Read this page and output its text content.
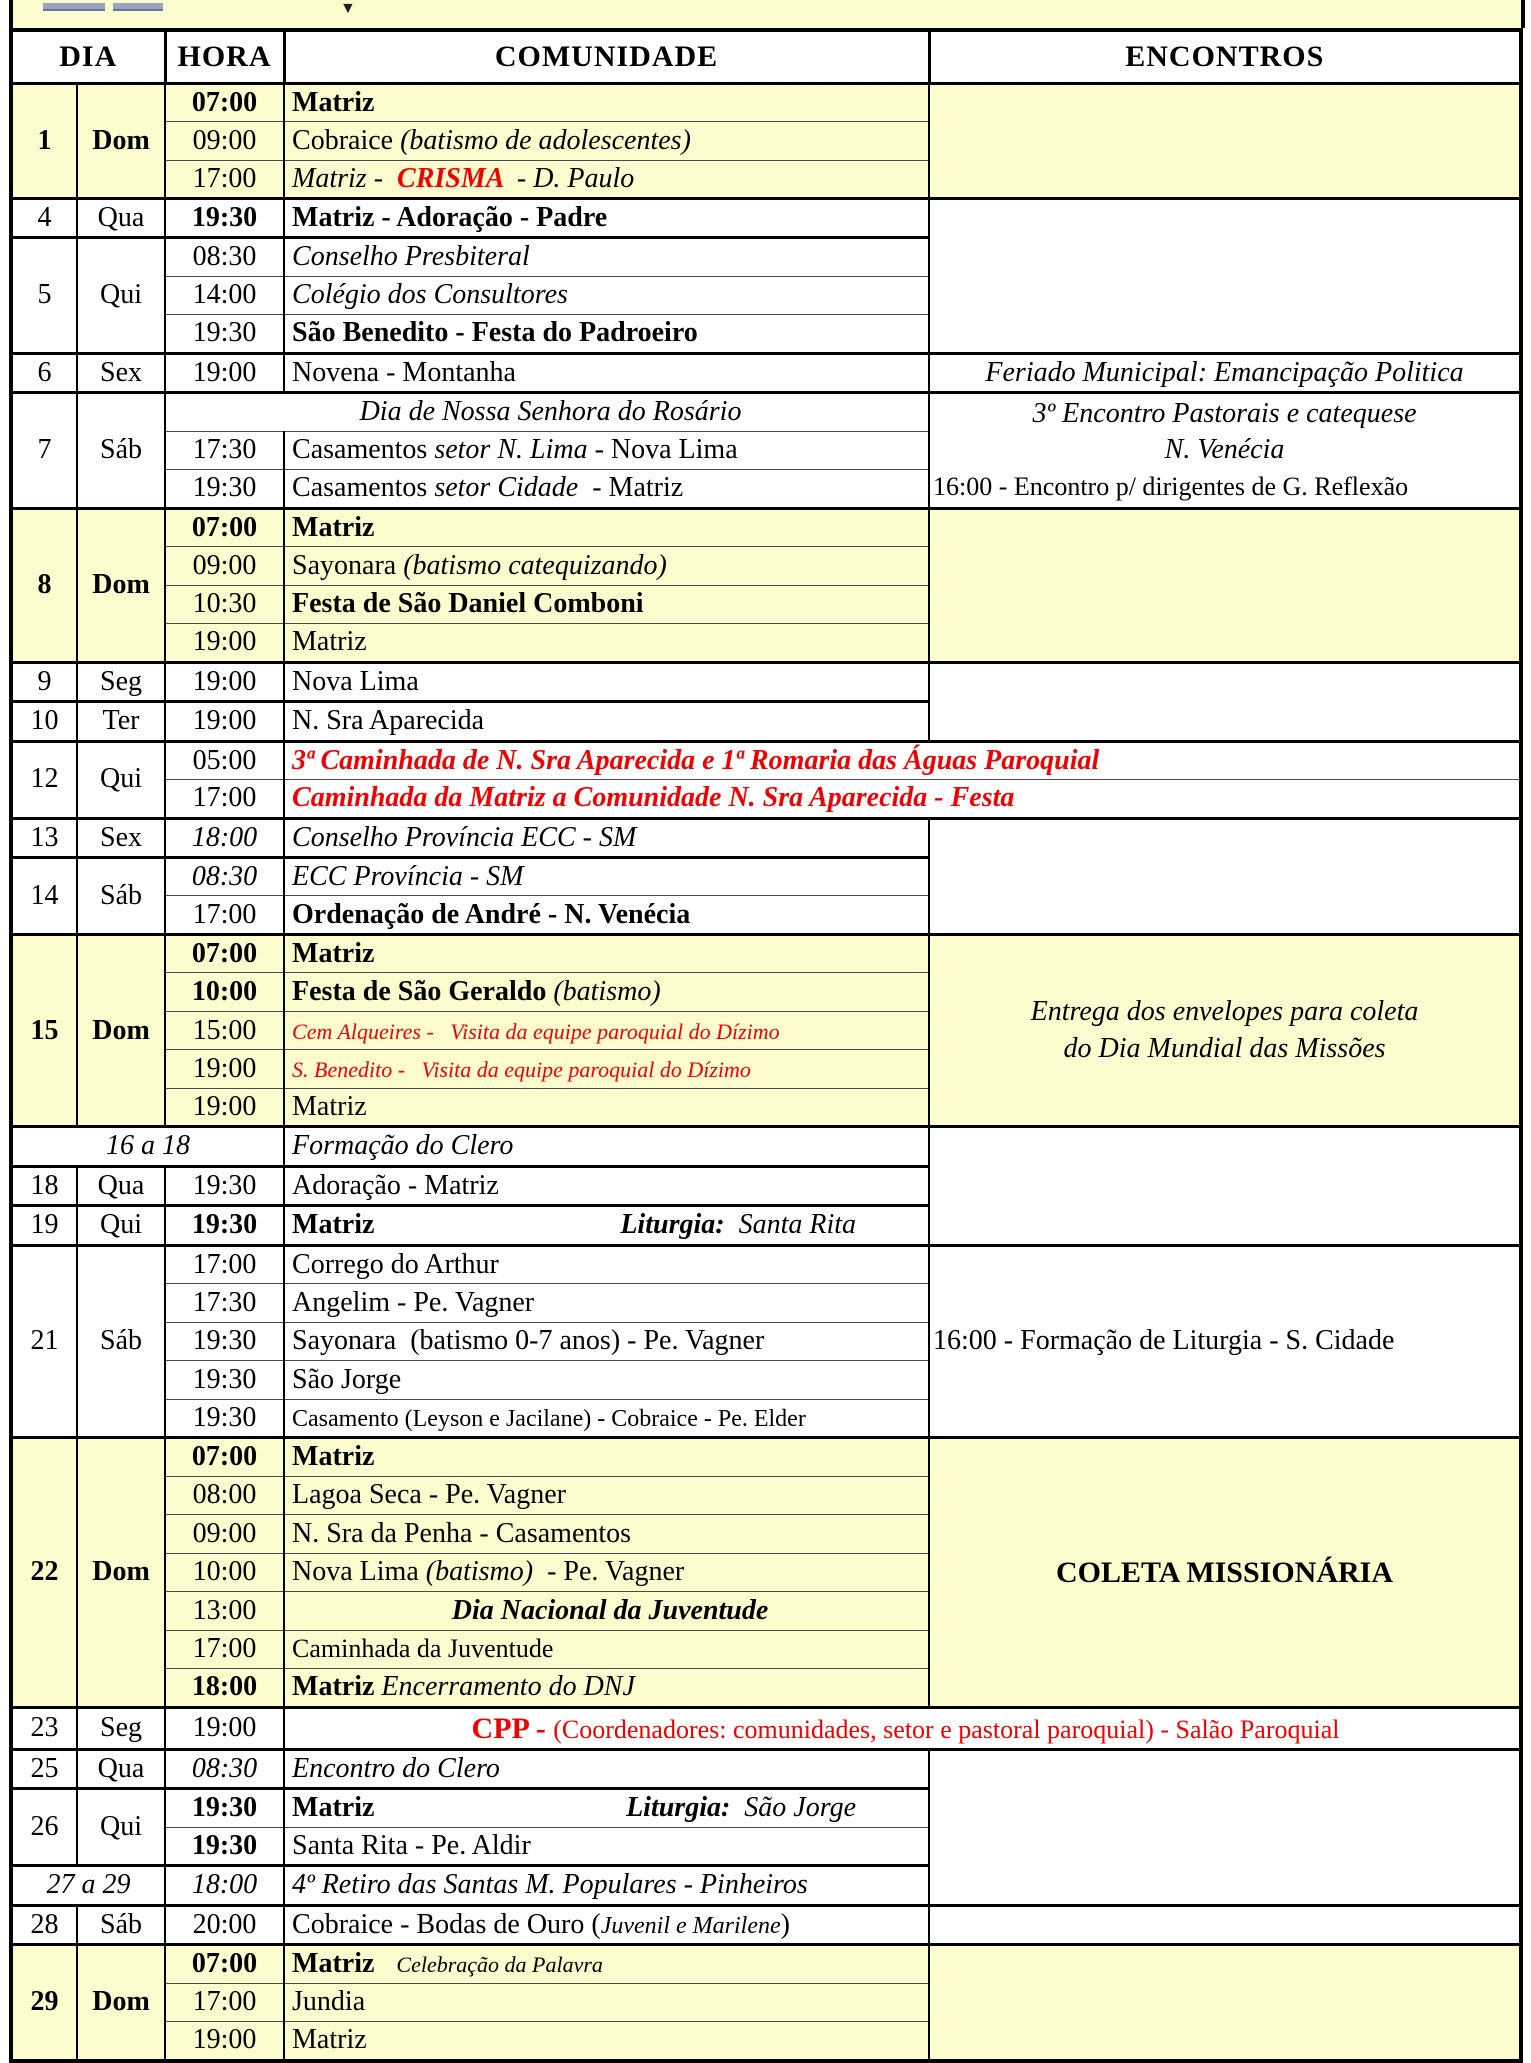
▼
DIA		HORA	COMUNIDADE	ENCONTROS

1	Dom	07:00	Matriz	

		09:00	Cobraice (batismo de adolescentes)	

		17:00	Matriz -  CRISMA  - D. Paulo	

4	Qua	19:30	Matriz - Adoração - Padre	

5	Qui	08:30	Conselho Presbiteral	

		14:00	Colégio dos Consultores	

		19:30	São Benedito - Festa do Padroeiro	

6	Sex	19:00	Novena - Montanha	Feriado Municipal: Emancipação Politica

7	Sáb	Dia de Nossa Senhora do Rosário		3º Encontro Pastorais e catequese
N. Venécia
16:00 - Encontro p/ dirigentes de G. Reflexão

		17:30	Casamentos setor N. Lima - Nova Lima	

		19:30	Casamentos setor Cidade  - Matriz	

8	Dom	07:00	Matriz	

		09:00	Sayonara (batismo catequizando)	

		10:30	Festa de São Daniel Comboni	

		19:00	Matriz	

9	Seg	19:00	Nova Lima	

10	Ter	19:00	N. Sra Aparecida	

12	Qui	05:00	3ª Caminhada de N. Sra Aparecida e 1ª Romaria das Águas Paroquial	

		17:00	Caminhada da Matriz a Comunidade N. Sra Aparecida - Festa	

13	Sex	18:00	Conselho Província ECC - SM	

14	Sáb	08:30	ECC Província - SM	

		17:00	Ordenação de André - N. Venécia	

15	Dom	07:00	Matriz	Entrega dos envelopes para coleta
do Dia Mundial das Missões

		10:00	Festa de São Geraldo (batismo)	

		15:00	Cem Alqueires -   Visita da equipe paroquial do Dízimo	

		19:00	S. Benedito -   Visita da equipe paroquial do Dízimo	

		19:00	Matriz	

16 a 18			Formação do Clero	

18	Qua	19:30	Adoração - Matriz	

19	Qui	19:30	Matriz Liturgia: Santa Rita	

21	Sáb	17:00	Corrego do Arthur	16:00 - Formação de Liturgia - S. Cidade

		17:30	Angelim - Pe. Vagner	

		19:30	Sayonara  (batismo 0-7 anos) - Pe. Vagner	

		19:30	São Jorge	

		19:30	Casamento (Leyson e Jacilane) - Cobraice - Pe. Elder	

22	Dom	07:00	Matriz	COLETA MISSIONÁRIA

		08:00	Lagoa Seca - Pe. Vagner	

		09:00	N. Sra da Penha - Casamentos	

		10:00	Nova Lima (batismo)  - Pe. Vagner	

		13:00	Dia Nacional da Juventude	

		17:00	Caminhada da Juventude	

		18:00	Matriz Encerramento do DNJ	

23	Seg	19:00	CPP - (Coordenadores: comunidades, setor e pastoral paroquial) - Salão Paroquial	

25	Qua	08:30	Encontro do Clero	

26	Qui	19:30	Matriz Liturgia: São Jorge	

		19:30	Santa Rita - Pe. Aldir	

27 a 29		18:00	4º Retiro das Santas M. Populares - Pinheiros	

28	Sáb	20:00	Cobraice - Bodas de Ouro (Juvenil e Marilene)	

29	Dom	07:00	Matriz    Celebração da Palavra	

		17:00	Jundia	

		19:00	Matriz	
